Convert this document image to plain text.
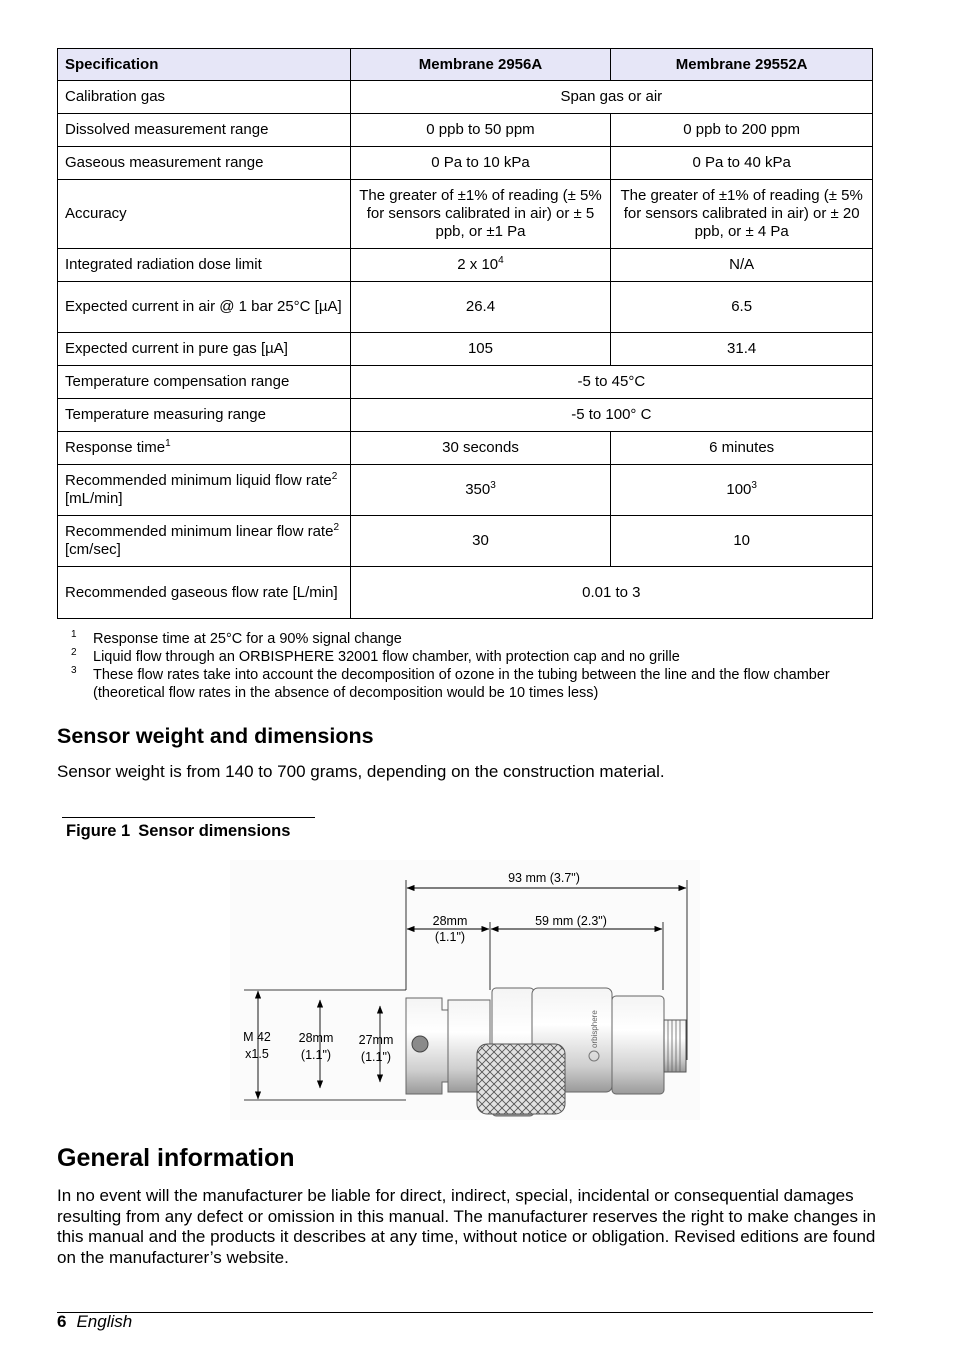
Specification	Membrane 2956A	Membrane 29552A
Calibration gas	Span gas or air	
Dissolved measurement range	0 ppb to 50 ppm	0 ppb to 200 ppm
Gaseous measurement range	0 Pa to 10 kPa	0 Pa to 40 kPa
Accuracy	The greater of ±1% of reading (± 5% for sensors calibrated in air) or ± 5 ppb, or ±1 Pa	The greater of ±1% of reading (± 5% for sensors calibrated in air) or ± 20 ppb, or ± 4 Pa
Integrated radiation dose limit	2 x $10^4$	N/A
Expected current in air @ 1 bar 25°C [µA]	26.4	6.5
Expected current in pure gas [µA]	105	31.4
Temperature compensation range	-5 to 45°C	
Temperature measuring range	-5 to 100° C	
Response time$^1$	30 seconds	6 minutes
Recommended minimum liquid flow rate$^2$ [mL/min]	$350^3$	$100^3$
Recommended minimum linear flow rate$^2$ [cm/sec]	30	10
Recommended gaseous flow rate [L/min]	0.01 to 3	
1 Response time at 25°C for a 90% signal change
2 Liquid flow through an ORBISPHERE 32001 flow chamber, with protection cap and no grille
3 These flow rates take into account the decomposition of ozone in the tubing between the line and the flow chamber (theoretical flow rates in the absence of decomposition would be 10 times less)
Sensor weight and dimensions

Sensor weight is from 140 to 700 grams, depending on the construction material.

Figure 1 Sensor dimensions
93 mm (3.7")
28mm
(1.1")
59 mm (2.3")
M 42
x1.5
28mm
(1.1")
27mm
(1.1")
orbisphere
General information

In no event will the manufacturer be liable for direct, indirect, special, incidental or consequential damages resulting from any defect or omission in this manual. The manufacturer reserves the right to make changes in this manual and the products it describes at any time, without notice or obligation. Revised editions are found on the manufacturer’s website.

6 English
